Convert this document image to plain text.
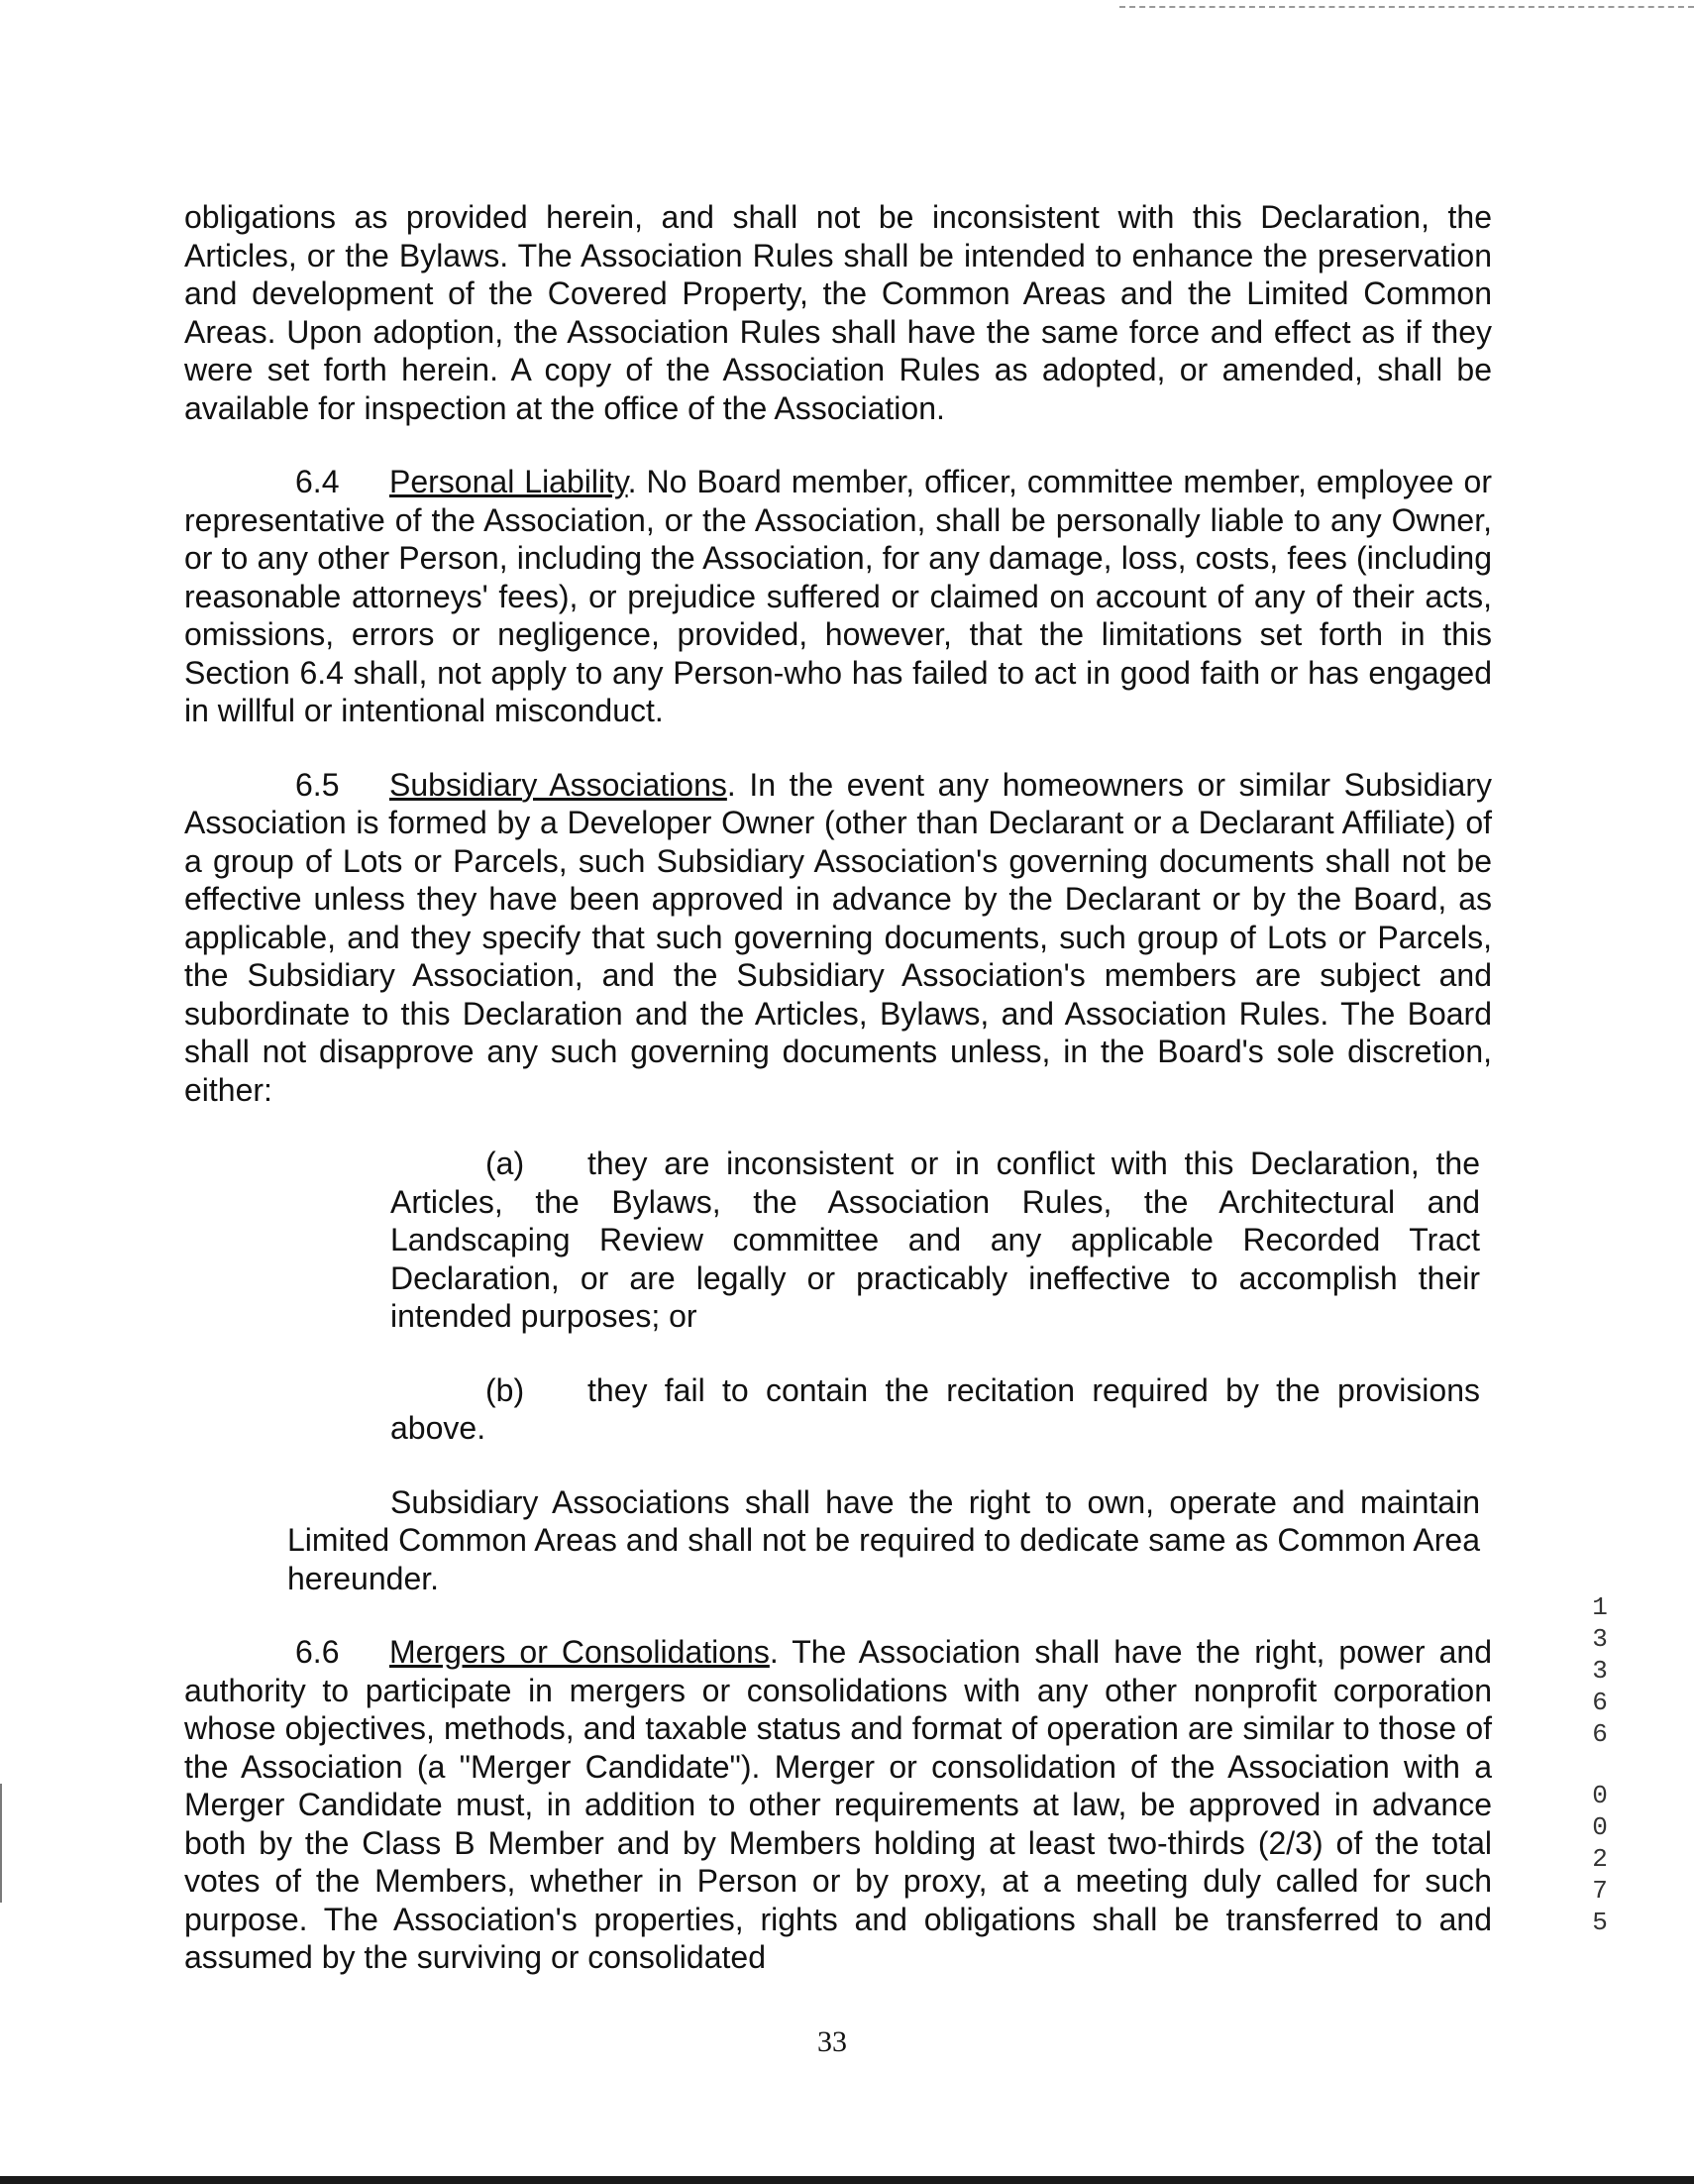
obligations as provided herein, and shall not be inconsistent with this Declaration, the Articles, or the Bylaws. The Association Rules shall be intended to enhance the preservation and development of the Covered Property, the Common Areas and the Limited Common Areas. Upon adoption, the Association Rules shall have the same force and effect as if they were set forth herein. A copy of the Association Rules as adopted, or amended, shall be available for inspection at the office of the Association.

6.4 Personal Liability. No Board member, officer, committee member, employee or representative of the Association, or the Association, shall be personally liable to any Owner, or to any other Person, including the Association, for any damage, loss, costs, fees (including reasonable attorneys' fees), or prejudice suffered or claimed on account of any of their acts, omissions, errors or negligence, provided, however, that the limitations set forth in this Section 6.4 shall, not apply to any Person-who has failed to act in good faith or has engaged in willful or intentional misconduct.

6.5 Subsidiary Associations. In the event any homeowners or similar Subsidiary Association is formed by a Developer Owner (other than Declarant or a Declarant Affiliate) of a group of Lots or Parcels, such Subsidiary Association's governing documents shall not be effective unless they have been approved in advance by the Declarant or by the Board, as applicable, and they specify that such governing documents, such group of Lots or Parcels, the Subsidiary Association, and the Subsidiary Association's members are subject and subordinate to this Declaration and the Articles, Bylaws, and Association Rules. The Board shall not disapprove any such governing documents unless, in the Board's sole discretion, either:

(a) they are inconsistent or in conflict with this Declaration, the Articles, the Bylaws, the Association Rules, the Architectural and Landscaping Review committee and any applicable Recorded Tract Declaration, or are legally or practicably ineffective to accomplish their intended purposes; or

(b) they fail to contain the recitation required by the provisions above.

Subsidiary Associations shall have the right to own, operate and maintain Limited Common Areas and shall not be required to dedicate same as Common Area hereunder.

6.6 Mergers or Consolidations. The Association shall have the right, power and authority to participate in mergers or consolidations with any other nonprofit corporation whose objectives, methods, and taxable status and format of operation are similar to those of the Association (a "Merger Candidate"). Merger or consolidation of the Association with a Merger Candidate must, in addition to other requirements at law, be approved in advance both by the Class B Member and by Members holding at least two-thirds (2/3) of the total votes of the Members, whether in Person or by proxy, at a meeting duly called for such purpose. The Association's properties, rights and obligations shall be transferred to and assumed by the surviving or consolidated

1
3
3
6
6
0
0
2
7
5
33
